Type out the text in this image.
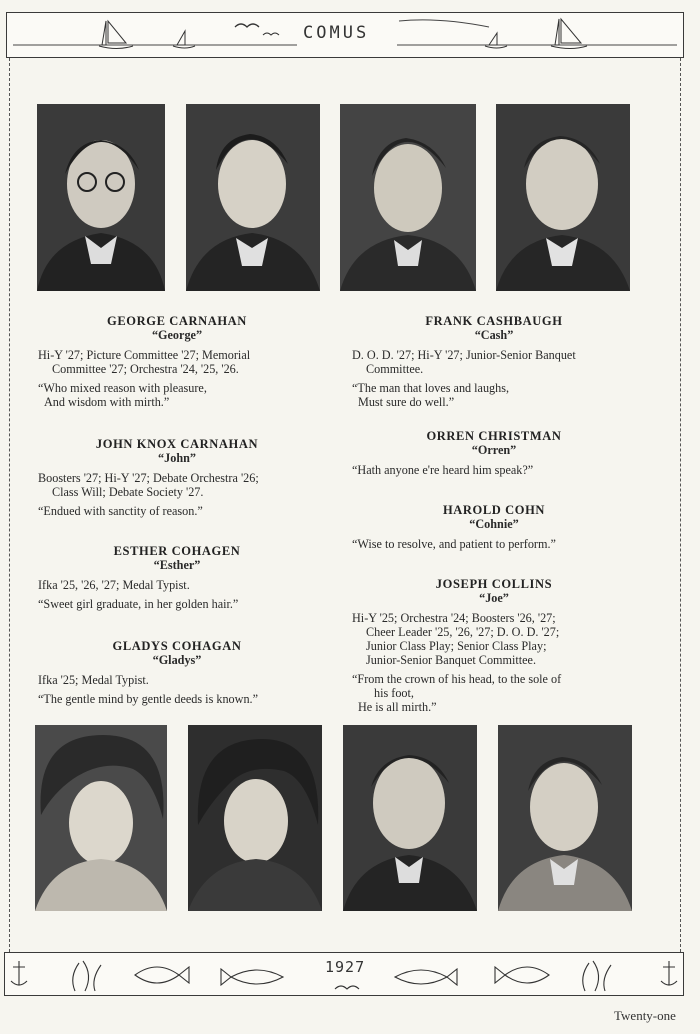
COMUS
GEORGE CARNAHAN
“George”
Hi-Y '27; Picture Committee '27; Memorial
Committee '27; Orchestra '24, '25, '26.
“Who mixed reason with pleasure,
And wisdom with mirth.”
JOHN KNOX CARNAHAN
“John”
Boosters '27; Hi-Y '27; Debate Orchestra '26;
Class Will; Debate Society '27.
“Endued with sanctity of reason.”
ESTHER COHAGEN
“Esther”
Ifka '25, '26, '27; Medal Typist.
“Sweet girl graduate, in her golden hair.”
GLADYS COHAGAN
“Gladys”
Ifka '25; Medal Typist.
“The gentle mind by gentle deeds is known.”
FRANK CASHBAUGH
“Cash”
D. O. D. '27; Hi-Y '27; Junior-Senior Banquet
Committee.
“The man that loves and laughs,
Must sure do well.”
ORREN CHRISTMAN
“Orren”
“Hath anyone e're heard him speak?”
HAROLD COHN
“Cohnie”
“Wise to resolve, and patient to perform.”
JOSEPH COLLINS
“Joe”
Hi-Y '25; Orchestra '24; Boosters '26, '27;
Cheer Leader '25, '26, '27; D. O. D. '27;
Junior Class Play; Senior Class Play;
Junior-Senior Banquet Committee.
“From the crown of his head, to the sole of
his foot,
He is all mirth.”
1927
Twenty-one
